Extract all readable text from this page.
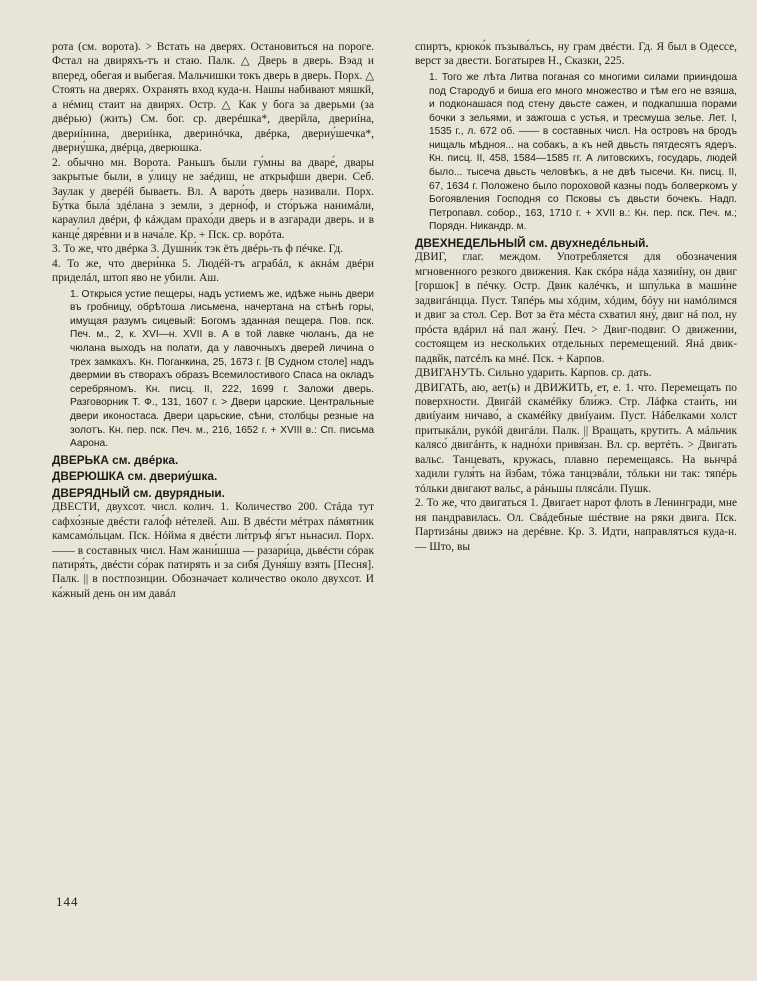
рота (см. ворота). > Встать на дверях. Остановиться на пороге. Фстал на двиряхъ-тъ и стаю. Палк. △ Дверь в дверь. Вэад и вперед, обегая и выбегая. Мальчишки токъ дверь в дверь. Порх. △ Стоять на дверях. Охранять вход куда-н. Нашы набивают мяшкй, а нéмиц стаит на двирях. Остр. △ Как у бога за дверьми (за двéрью) (жить) См. бог. ср. дверéшка*, двеpйла, двериíна, двериíнина, двериíнка, дверинóчка, двéрка, двериу́шечка*, двериу́шка, двéрца, дверюшка.

2. обычно мн. Ворота. Раньшъ были гу́мны ва дваре́, двары закрытые были, в у́лицу не заéдиш, не аткрыфши двери. Себ. Заулак у дверéй бываеть. Вл. А варо́ть дверь називали. Порх. Бу́тка была́ здéлана з земли, з дерно́ф, и сто́ръжа нанимáли, караулил двéри, ф кáждам прахо́ди дверь и в азгаради дверь. и в канце́ дяре́вни и в нача́ле. Кр. + Пск. ср. ворóта.

3. То же, что двéрка 3. Душни́к тэк ёть двéрь-ть ф пéчке. Гд.

4. То же, что двери́нка 5. Людéй-тъ аграбáл, к акнáм двéри приделáл, штоп яво не убили. Аш.

1. Открыся устие пещеры, надъ устиемъ же, идѣже нынь двери въ гробницу, обрѣтоша лисьмена, начертана на стѣнѣ горы, имущая разумъ сицевый: Богомъ зданная пещера. Пов. пск. Печ. м., 2, к. XVI—н. XVII в. А в той лавке чюланъ, да не чюлана выходъ на полати, да у лавочныхъ дверей личина о трех замкахъ. Кн. Поганкина, 25, 1673 г. [В Судном столе] надъ двермии въ створахъ образъ Всемилостивого Спаса на окладъ серебряномъ. Кн. писц. II, 222, 1699 г. Заложи дверь. Разговорник Т. Ф., 131, 1607 г. > Двери царские. Центральные двери иконостаса. Двери царьские, сѣни, столбцы резные на золотъ. Кн. пер. пск. Печ. м., 216, 1652 г. + XVIII в.: Сп. письма Аарона.

ДВЕРЬКА см. двéрка.

ДВЕРЮШКА см. двериу́шка.

ДВЕРЯДНЫЙ см. двурядныи.

ДВЕСТИ, двухсот. числ. колич. 1. Количество 200. Стáда тут сафхо́зные двéсти гало́ф нéтелей. Аш. В двéсти мéтрах пáмятник камсамо́льцам. Пск. Нóйма я двéсти ли́тръф я́гът ньнасил. Порх. —— в составных числ. Нам жани́шша — разари́ца, дьвéсти сóрак патиря́ть, двéсти со́рак патирять и за сибя́ Дуня́шу взять [Песня]. Палк. || в постпозиции. Обозначает количество около двухсот. И ка́жный день он им давáл

спиртъ, крюко́к пъзыва́лъсь, ну грам двéсти. Гд. Я был в Одессе, верст за двести. Богатырев Н., Сказки, 225.

1. Того же лѣта Литва поганая со многими силами прииндоша под Стародуб и биша его много множество и тѣм его не взяша, и подконашася под стену двьсте сажен, и подкапшша порами бочки з зельями, и зажгоша с устья, и тресмуша зелье. Лет. I, 1535 г., л. 672 об. —— в составных числ. На островъ на бродъ нищаль мѣдноя... на собакъ, а къ ней двьсть пятдесятъ ядеръ. Кн. писц. II, 458, 1584—1585 гг. А литовскихъ, государь, людей было... тысеча двьсть человѣкъ, а не двѣ тысечи. Кн. писц. II, 67, 1634 г. Положено было пороховой казны подъ болверкомъ у Богоявления Господня со Псковы съ двьсти бочекъ. Надп. Петропавл. собор., 163, 1710 г. + XVII в.: Кн. пер. пск. Печ. м.; Порядн. Никандр. м.

ДВЕХНЕДЕЛЬНЫЙ см. двухнедéльный.

ДВИГ, глаг. междом. Употребляется для обозначения мгновенного резкого движения. Как скóра нáда хазяиíну, он двиг [горшок] в пéчку. Остр. Двик калéчкъ, и шпу́лька в маши́не задвигáнцца. Пуст. Тяпéрь мы хóдим, хóдим, бóуу ни намóлимся и двиг за стол. Сер. Вот за ёта мéста схватил яну́, двиг нá пол, ну прóста вдáрил нá пал жану́. Печ. > Двиг-подвиг. О движении, состоящем из нескольких отдельных перемещений. Янá двик-падвйк, патсéлъ ка мнé. Пск. + Карпов.

ДВИГАНУТЬ. Сильно ударить. Карпов. ср. дать.

ДВИГАТЬ, аю, ает(ь) и ДВИЖИТЬ, ет, е. 1. что. Перемещать по поверхности. Двигáй скамéйку бли́жэ. Стр. Лáфка стаи́ть, ни двиíуаим ничаво́, а скамéйку двиíуаим. Пуст. Нáбелками холст притыкáли, рукóй двигáли. Палк. || Вращать, крутить. А мáльчик калясо́ двигáнть, к надно́хи привя́зан. Вл. ср. вертéть. > Двигать вальс. Танцевать, кружась, плавно перемещаясь. На вьнчрá хадили гуля́ть на йзбам, тóжа танцэвáли, тóльки ни так: тяпéрь тóльки двигают вальс, а рáньшы плясáли. Пушк.

2. То же, что двигаться 1. Двигает нарот флоть в Ленингради, мне ня пандравилась. Ол. Свáдебные шéствие на ряки двига. Пск. Партизáны движэ на дерéвне. Кр. 3. Идти, направляться куда-н. — Што, вы

144
